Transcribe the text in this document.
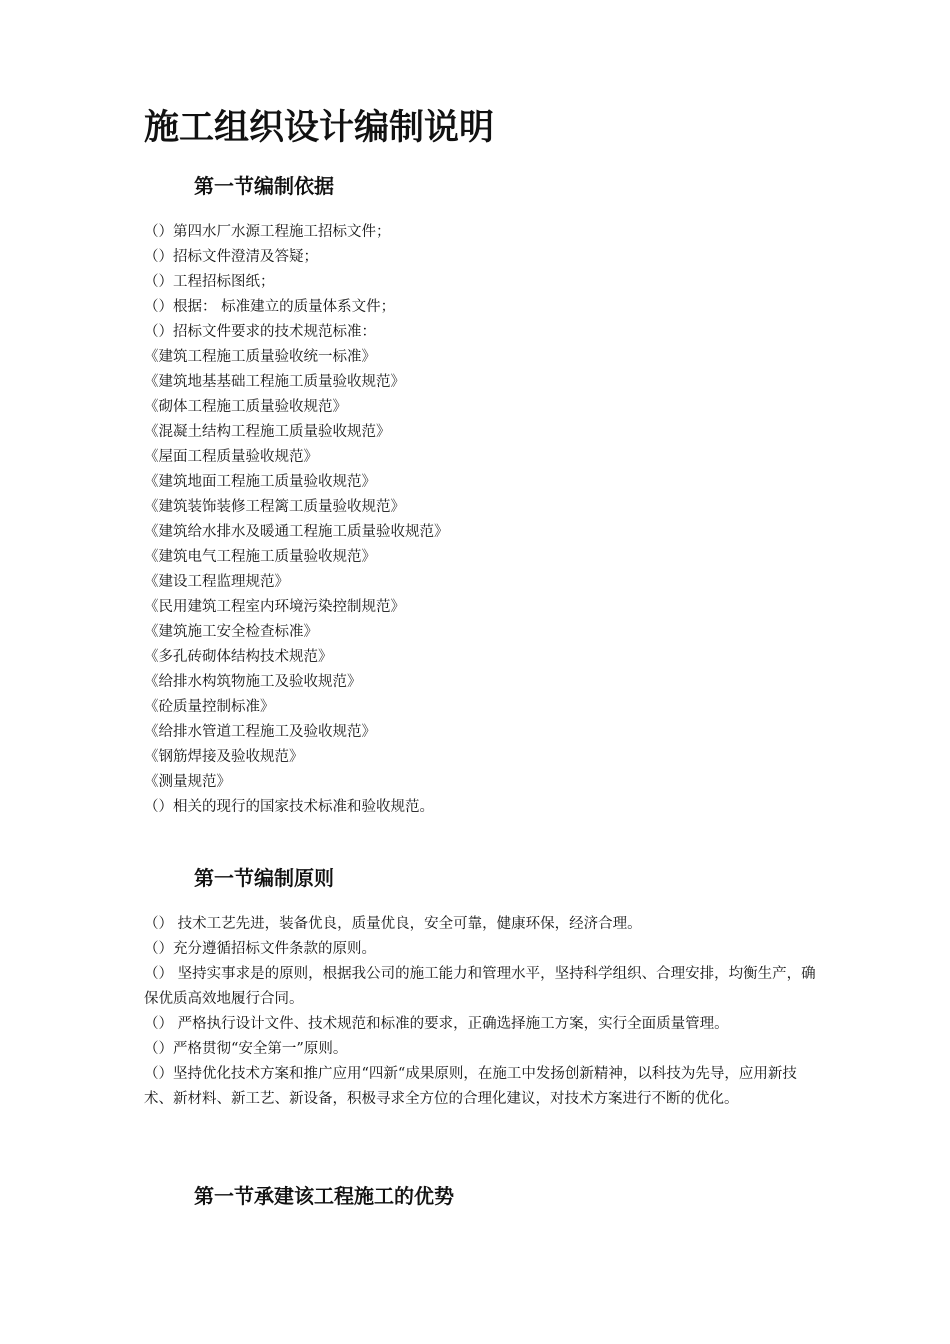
施工组织设计编制说明
第一节编制依据
（）第四水厂水源工程施工招标文件；
（）招标文件澄清及答疑；
（）工程招标图纸；
（）根据： 标准建立的质量体系文件；
（）招标文件要求的技术规范标准：
《建筑工程施工质量验收统一标准》
《建筑地基基础工程施工质量验收规范》
《砌体工程施工质量验收规范》
《混凝土结构工程施工质量验收规范》
《屋面工程质量验收规范》
《建筑地面工程施工质量验收规范》
《建筑装饰装修工程篱工质量验收规范》
《建筑给水排水及暖通工程施工质量验收规范》
《建筑电气工程施工质量验收规范》
《建设工程监理规范》
《民用建筑工程室内环境污染控制规范》
《建筑施工安全检查标准》
《多孔砖砌体结构技术规范》
《给排水构筑物施工及验收规范》
《砼质量控制标准》
《给排水管道工程施工及验收规范》
《钢筋焊接及验收规范》
《测量规范》
（）相关的现行的国家技术标准和验收规范。
第一节编制原则
（） 技术工艺先进，装备优良，质量优良，安全可靠，健康环保，经济合理。
（）充分遵循招标文件条款的原则。
（） 坚持实事求是的原则，根据我公司的施工能力和管理水平，坚持科学组织、合理安排，均衡生产，确保优质高效地履行合同。
（） 严格执行设计文件、技术规范和标准的要求，正确选择施工方案，实行全面质量管理。
（）严格贯彻“安全第一”原则。
（）坚持优化技术方案和推广应用“四新“成果原则，在施工中发扬创新精神，以科技为先导，应用新技术、新材料、新工艺、新设备，积极寻求全方位的合理化建议，对技术方案进行不断的优化。
第一节承建该工程施工的优势
